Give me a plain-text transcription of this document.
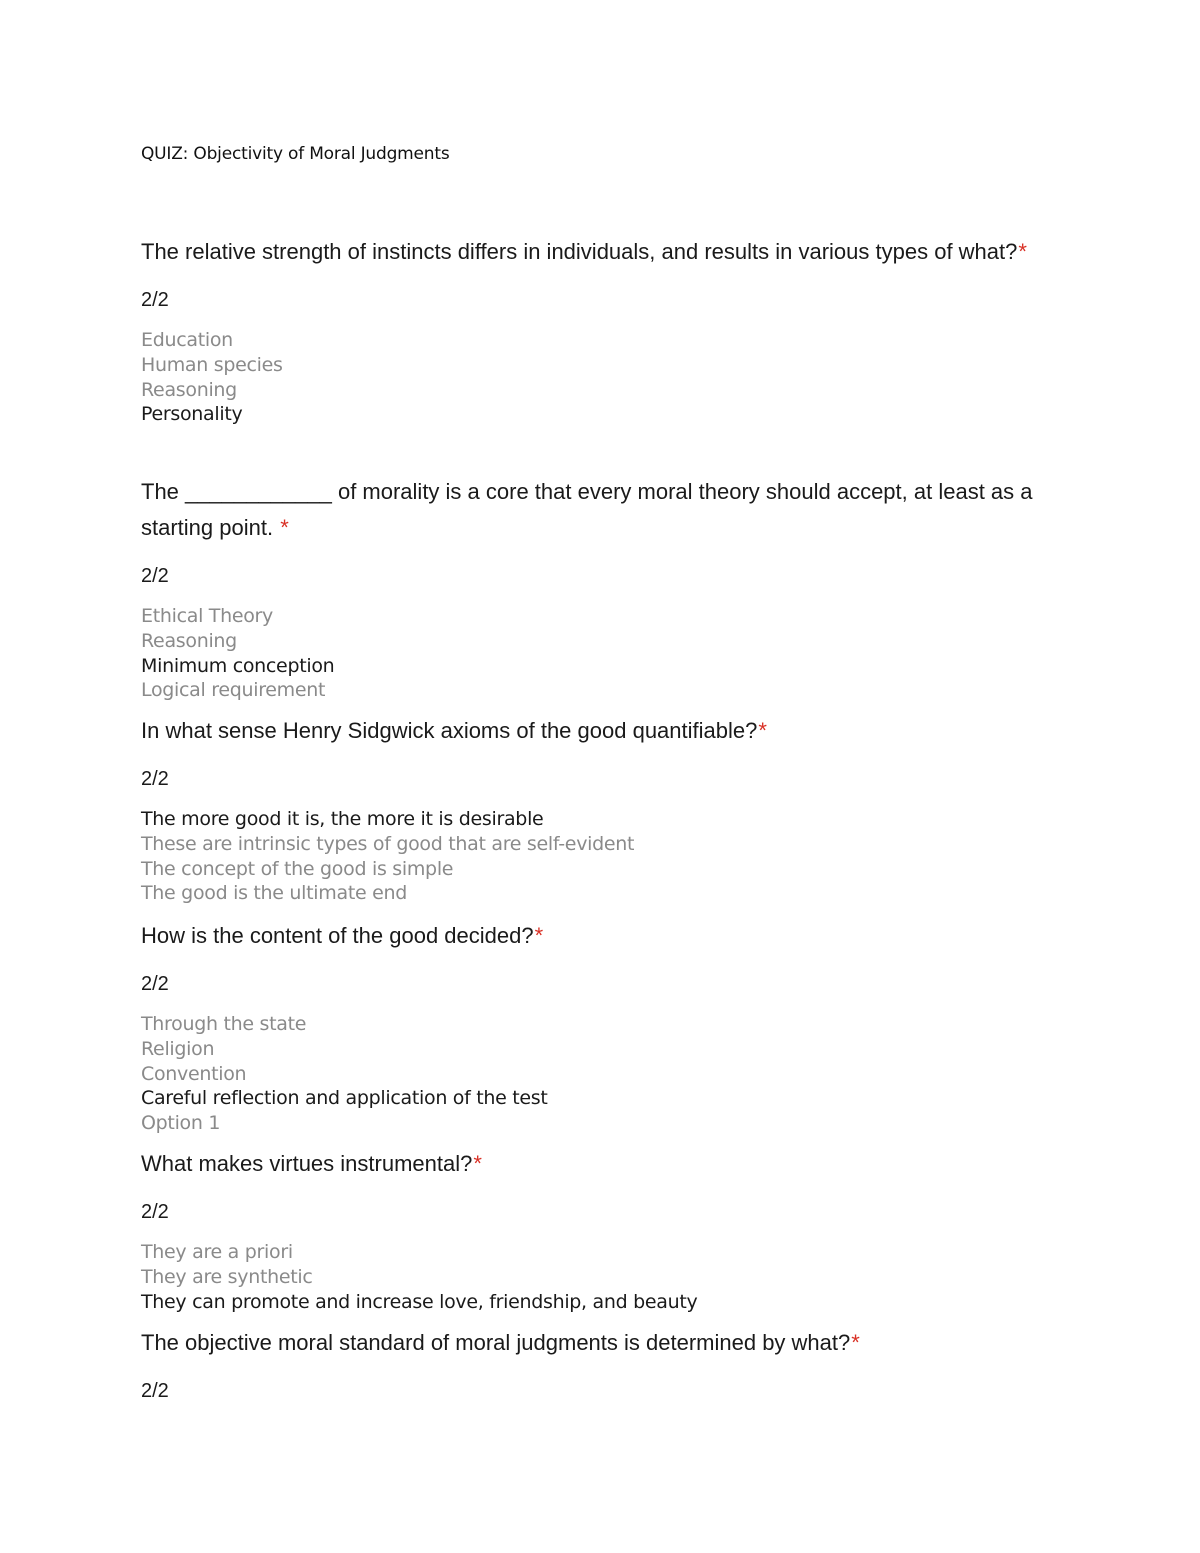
QUIZ: Objectivity of Moral Judgments

The relative strength of instincts differs in individuals, and results in various types of what?*

2/2
Education
Human species
Reasoning
Personality

The ____________ of morality is a core that every moral theory should accept, at least as a starting point. *

2/2
Ethical Theory
Reasoning
Minimum conception
Logical requirement

In what sense Henry Sidgwick axioms of the good quantifiable?*

2/2
The more good it is, the more it is desirable
These are intrinsic types of good that are self-evident
The concept of the good is simple
The good is the ultimate end

How is the content of the good decided?*

2/2
Through the state
Religion
Convention
Careful reflection and application of the test
Option 1

What makes virtues instrumental?*

2/2
They are a priori
They are synthetic
They can promote and increase love, friendship, and beauty

The objective moral standard of moral judgments is determined by what?*

2/2
